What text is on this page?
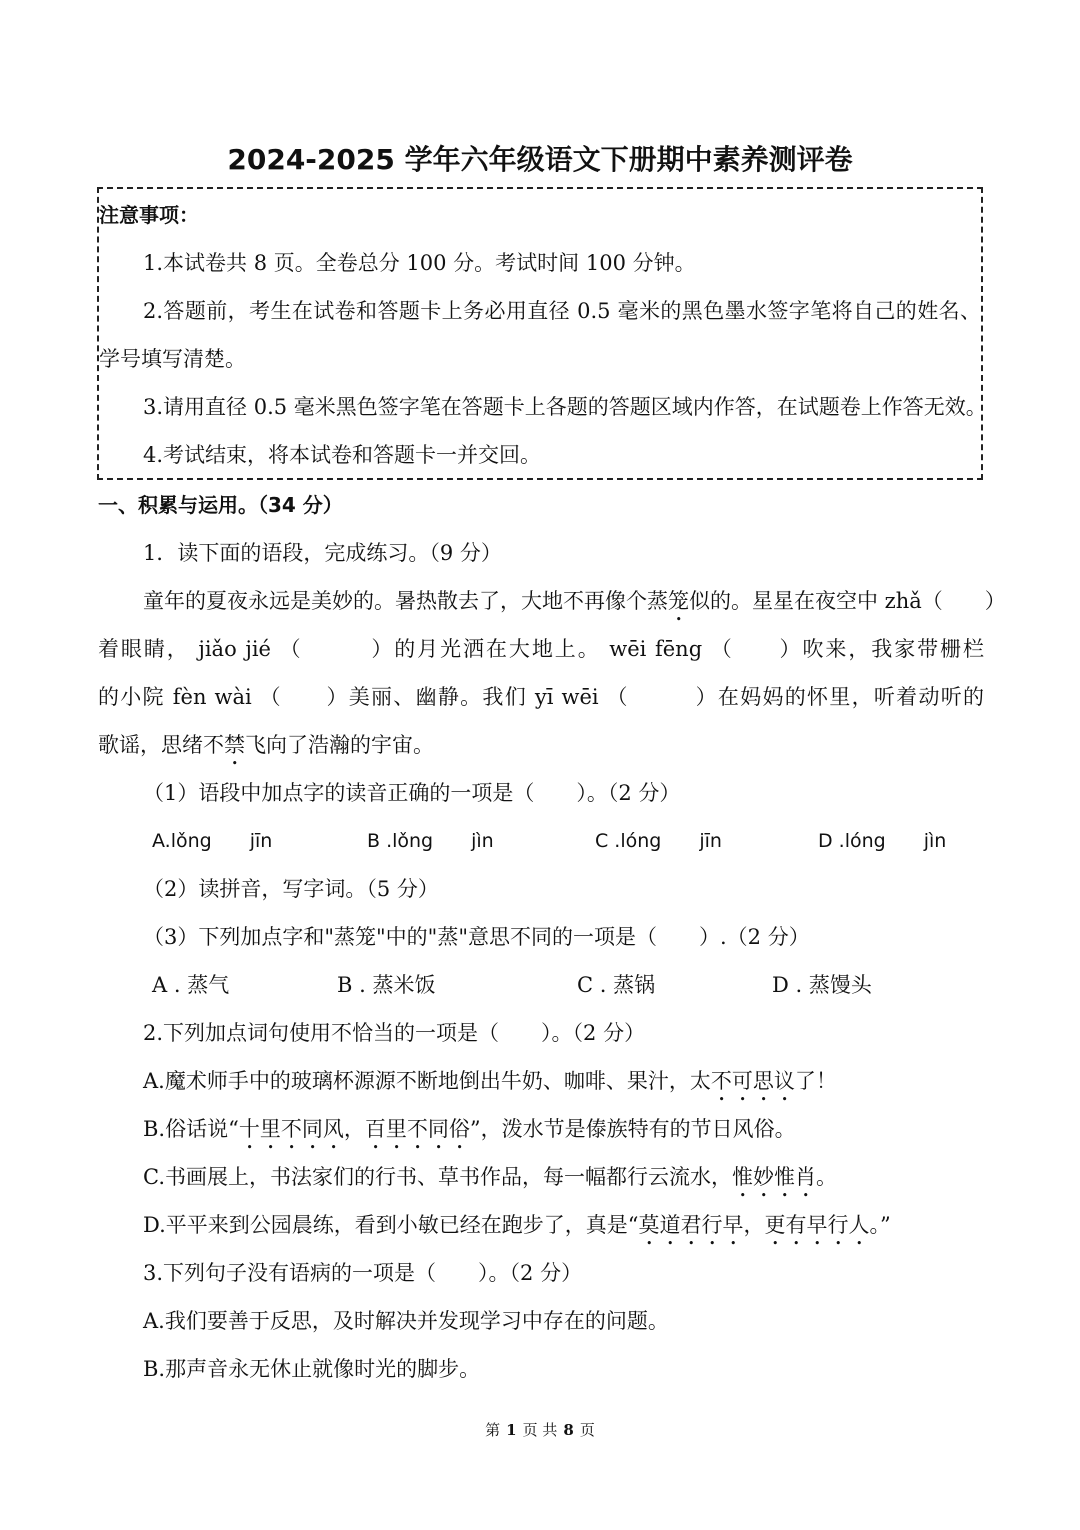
2024-2025 学年六年级语文下册期中素养测评卷
注意事项：
1.本试卷共 8 页。全卷总分 100 分。考试时间 100 分钟。
2.答题前，考生在试卷和答题卡上务必用直径 0.5 毫米的黑色墨水签字笔将自己的姓名、
学号填写清楚。
3.请用直径 0.5 毫米黑色签字笔在答题卡上各题的答题区域内作答，在试题卷上作答无效。
4.考试结束，将本试卷和答题卡一并交回。
一、积累与运用。（34 分）
1．读下面的语段，完成练习。（9 分）
童年的夏夜永远是美妙的。暑热散去了，大地不再像个蒸笼似的。星星在夜空中 zhǎ（　　）
着眼睛， jiǎo jié （　　　）的月光洒在大地上。 wēi fēng （　　）吹来，我家带栅栏
的小院 fèn wài （　　）美丽、幽静。我们 yī wēi （　　　）在妈妈的怀里，听着动听的
歌谣，思绪不禁飞向了浩瀚的宇宙。
（1）语段中加点字的读音正确的一项是（　　）。（2 分）
A.lǒng　　jīn	B .lǒng　　jìn	C .lóng　　jīn	D .lóng　　jìn
（2）读拼音，写字词。（5 分）
（3）下列加点字和"蒸笼"中的"蒸"意思不同的一项是（　　）.（2 分）
A . 蒸气	B . 蒸米饭	C . 蒸锅	D . 蒸馒头
2.下列加点词句使用不恰当的一项是（　　）。（2 分）
A.魔术师手中的玻璃杯源源不断地倒出牛奶、咖啡、果汁，太不可思议了！
B.俗话说“十里不同风，百里不同俗”，泼水节是傣族特有的节日风俗。
C.书画展上，书法家们的行书、草书作品，每一幅都行云流水，惟妙惟肖。
D.平平来到公园晨练，看到小敏已经在跑步了，真是“莫道君行早，更有早行人。”
3.下列句子没有语病的一项是（　　）。（2 分）
A.我们要善于反思，及时解决并发现学习中存在的问题。
B.那声音永无休止就像时光的脚步。
第 1 页 共 8 页
